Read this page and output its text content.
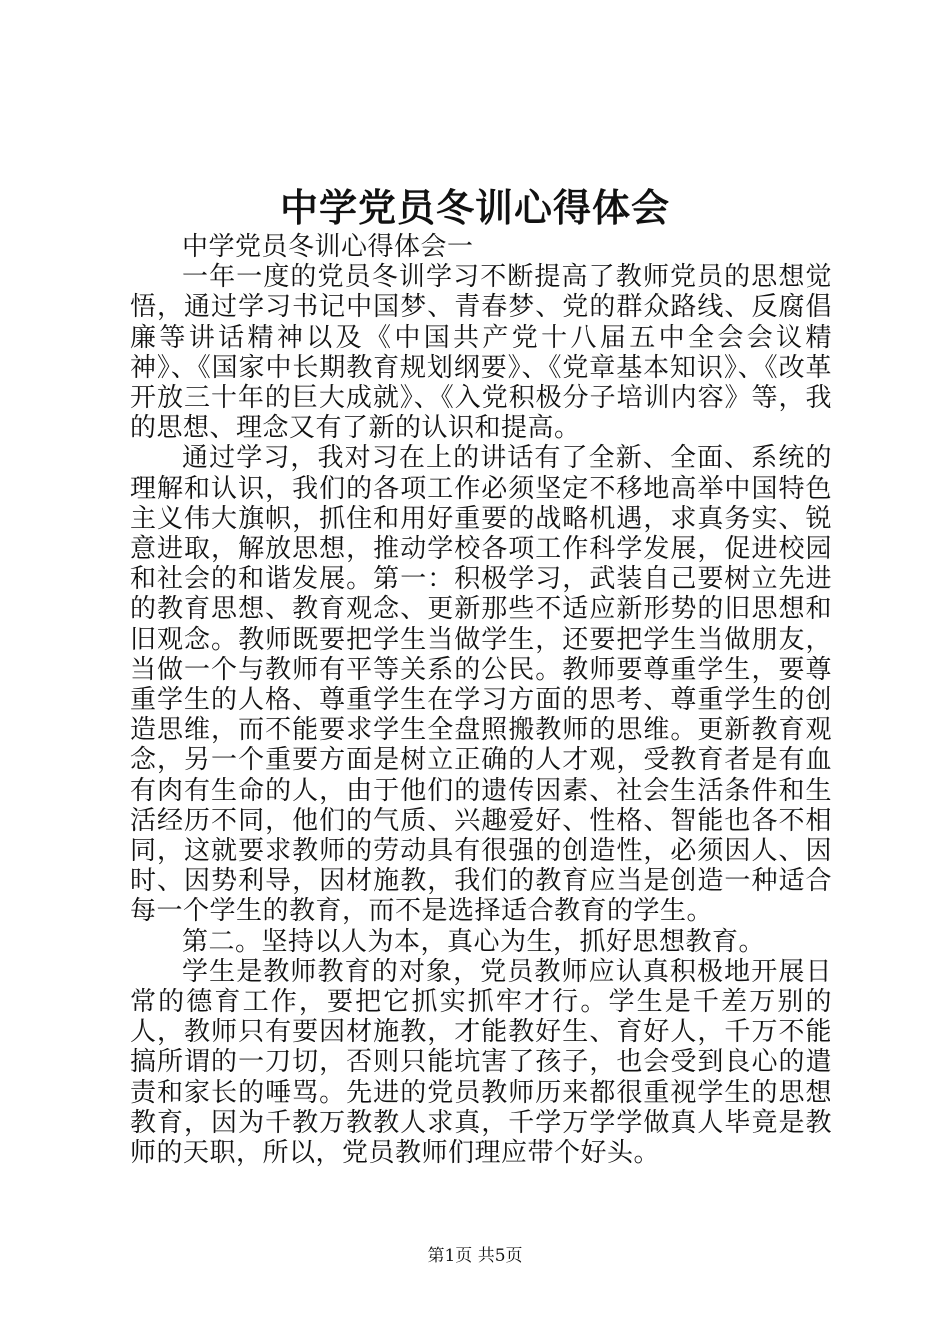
中学党员冬训心得体会

中学党员冬训心得体会一

一年一度的党员冬训学习不断提高了教师党员的思想觉悟，通过学习书记中国梦、青春梦、党的群众路线、反腐倡廉等讲话精神以及《中国共产党十八届五中全会会议精神》、《国家中长期教育规划纲要》、《党章基本知识》、《改革开放三十年的巨大成就》、《入党积极分子培训内容》等，我的思想、理念又有了新的认识和提高。

通过学习，我对习在上的讲话有了全新、全面、系统的理解和认识，我们的各项工作必须坚定不移地高举中国特色主义伟大旗帜，抓住和用好重要的战略机遇，求真务实、锐意进取，解放思想，推动学校各项工作科学发展，促进校园和社会的和谐发展。第一：积极学习，武装自己要树立先进的教育思想、教育观念、更新那些不适应新形势的旧思想和旧观念。教师既要把学生当做学生，还要把学生当做朋友，当做一个与教师有平等关系的公民。教师要尊重学生，要尊重学生的人格、尊重学生在学习方面的思考、尊重学生的创造思维，而不能要求学生全盘照搬教师的思维。更新教育观念，另一个重要方面是树立正确的人才观，受教育者是有血有肉有生命的人，由于他们的遗传因素、社会生活条件和生活经历不同，他们的气质、兴趣爱好、性格、智能也各不相同，这就要求教师的劳动具有很强的创造性，必须因人、因时、因势利导，因材施教，我们的教育应当是创造一种适合每一个学生的教育，而不是选择适合教育的学生。

第二。坚持以人为本，真心为生，抓好思想教育。

学生是教师教育的对象，党员教师应认真积极地开展日常的德育工作，要把它抓实抓牢才行。学生是千差万别的人，教师只有要因材施教，才能教好生、育好人，千万不能搞所谓的一刀切，否则只能坑害了孩子，也会受到良心的遣责和家长的唾骂。先进的党员教师历来都很重视学生的思想教育，因为千教万教教人求真，千学万学学做真人毕竟是教师的天职，所以，党员教师们理应带个好头。

第1页 共5页
